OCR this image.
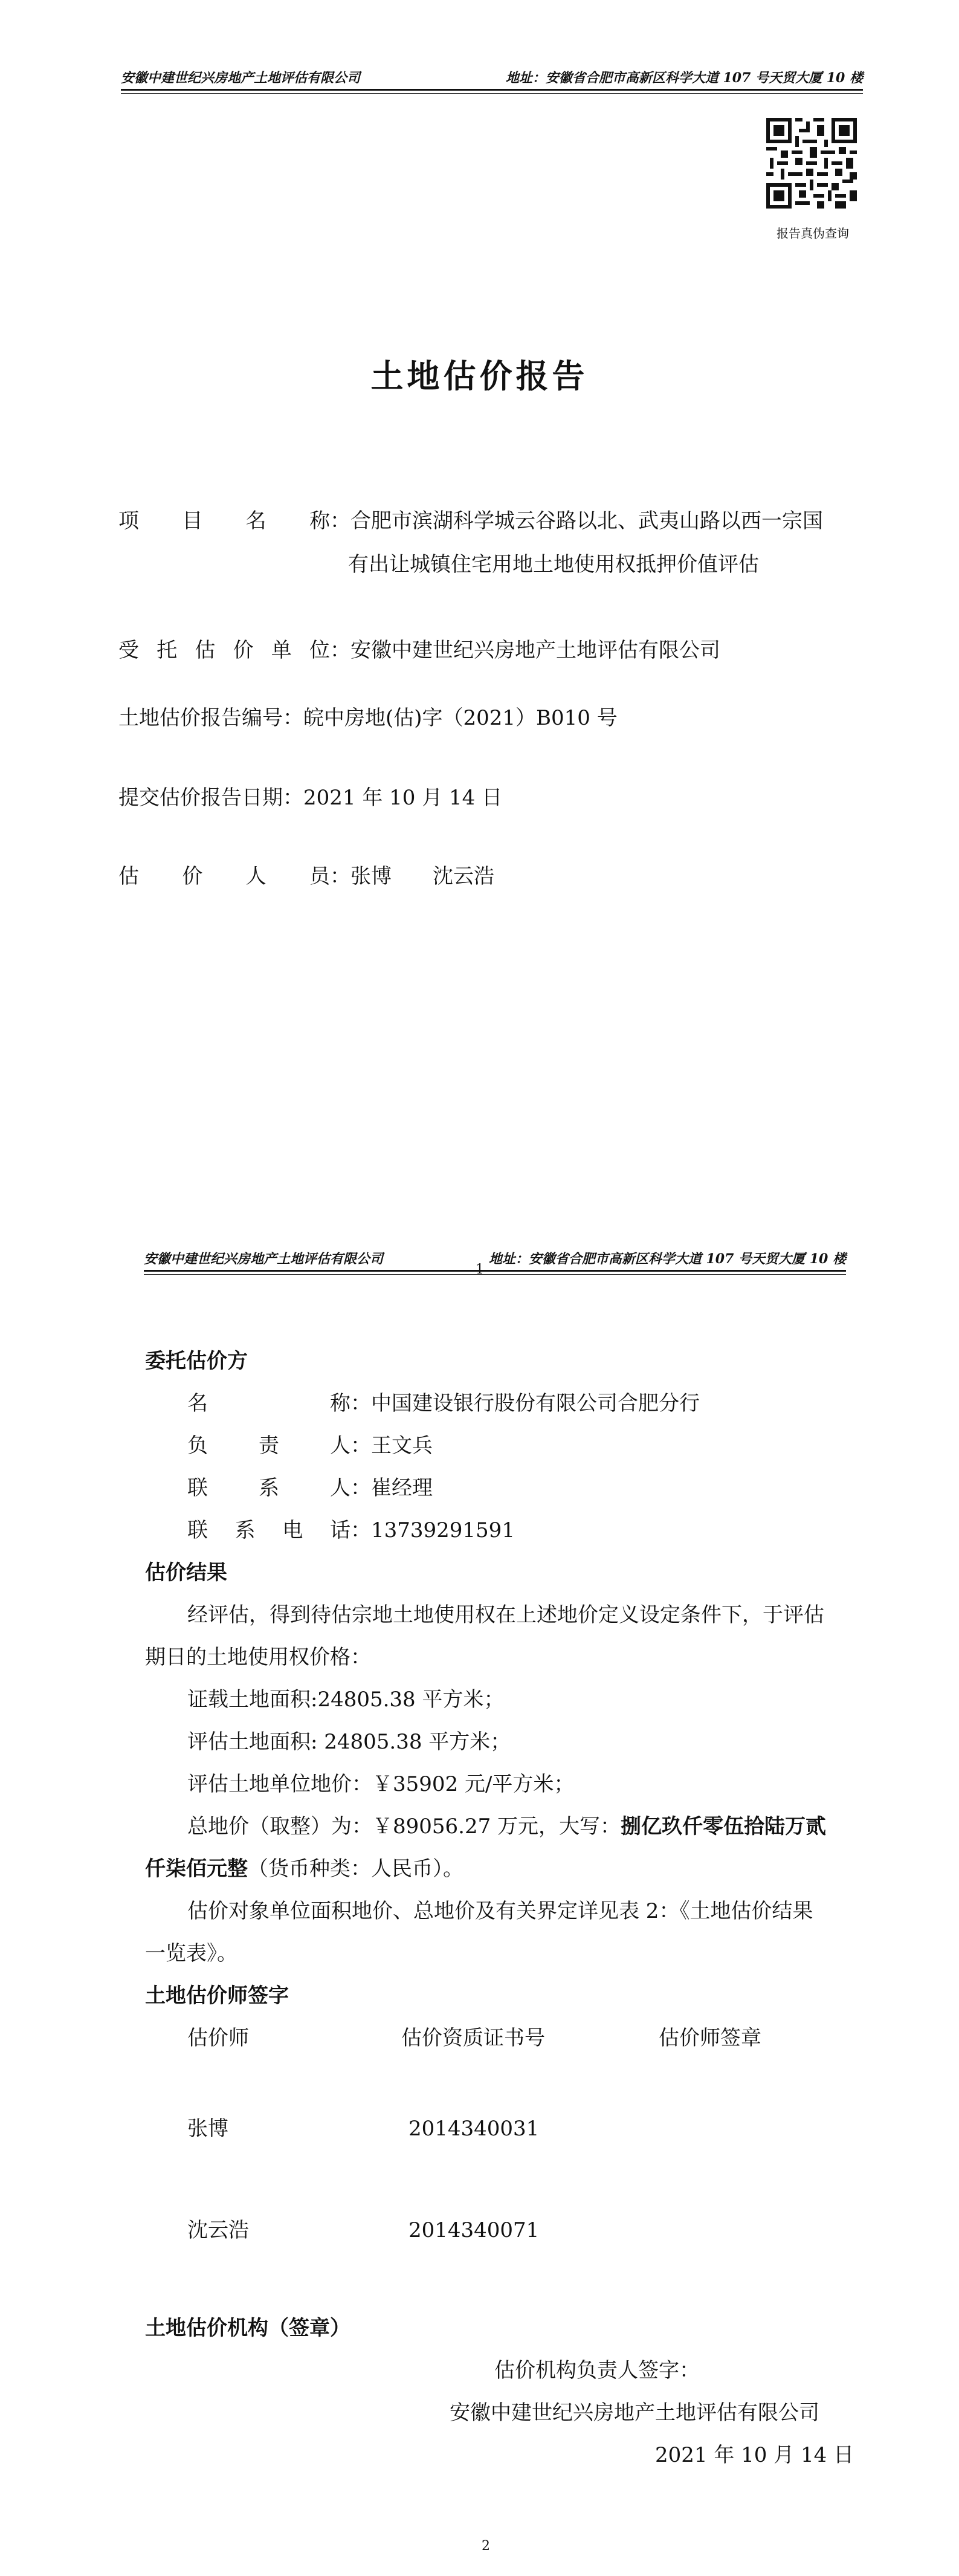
安徽中建世纪兴房地产土地评估有限公司	地址：安徽省合肥市高新区科学大道 107 号天贸大厦 10 楼
报告真伪查询
土地估价报告
项 目 名 称 ：合肥市滨湖科学城云谷路以北、武夷山路以西一宗国
有出让城镇住宅用地土地使用权抵押价值评估
受 托 估 价 单 位 ：安徽中建世纪兴房地产土地评估有限公司
土地估价报告编号：皖中房地(估)字（2021）B010 号
提交估价报告日期：2021 年 10 月 14 日
估 价 人 员 ：张博　　沈云浩
1
安徽中建世纪兴房地产土地评估有限公司	地址：安徽省合肥市高新区科学大道 107 号天贸大厦 10 楼
委托估价方
名	称 ：中国建设银行股份有限公司合肥分行
负 责 人 ：王文兵
联 系 人 ：崔经理
联 系 电 话 ：13739291591
估价结果
经评估，得到待估宗地土地使用权在上述地价定义设定条件下，于评估
期日的土地使用权价格：
证载土地面积:24805.38 平方米；
评估土地面积: 24805.38 平方米；
评估土地单位地价：￥35902 元/平方米；
总地价（取整）为：￥89056.27 万元，大写：捌亿玖仟零伍拾陆万贰
仟柒佰元整（货币种类：人民币）。
估价对象单位面积地价、总地价及有关界定详见表 2：《土地估价结果
一览表》。
土地估价师签字
估价师	估价资质证书号	估价师签章
张博	2014340031
沈云浩	2014340071
土地估价机构（签章）
估价机构负责人签字：
安徽中建世纪兴房地产土地评估有限公司
2021 年 10 月 14 日
2
